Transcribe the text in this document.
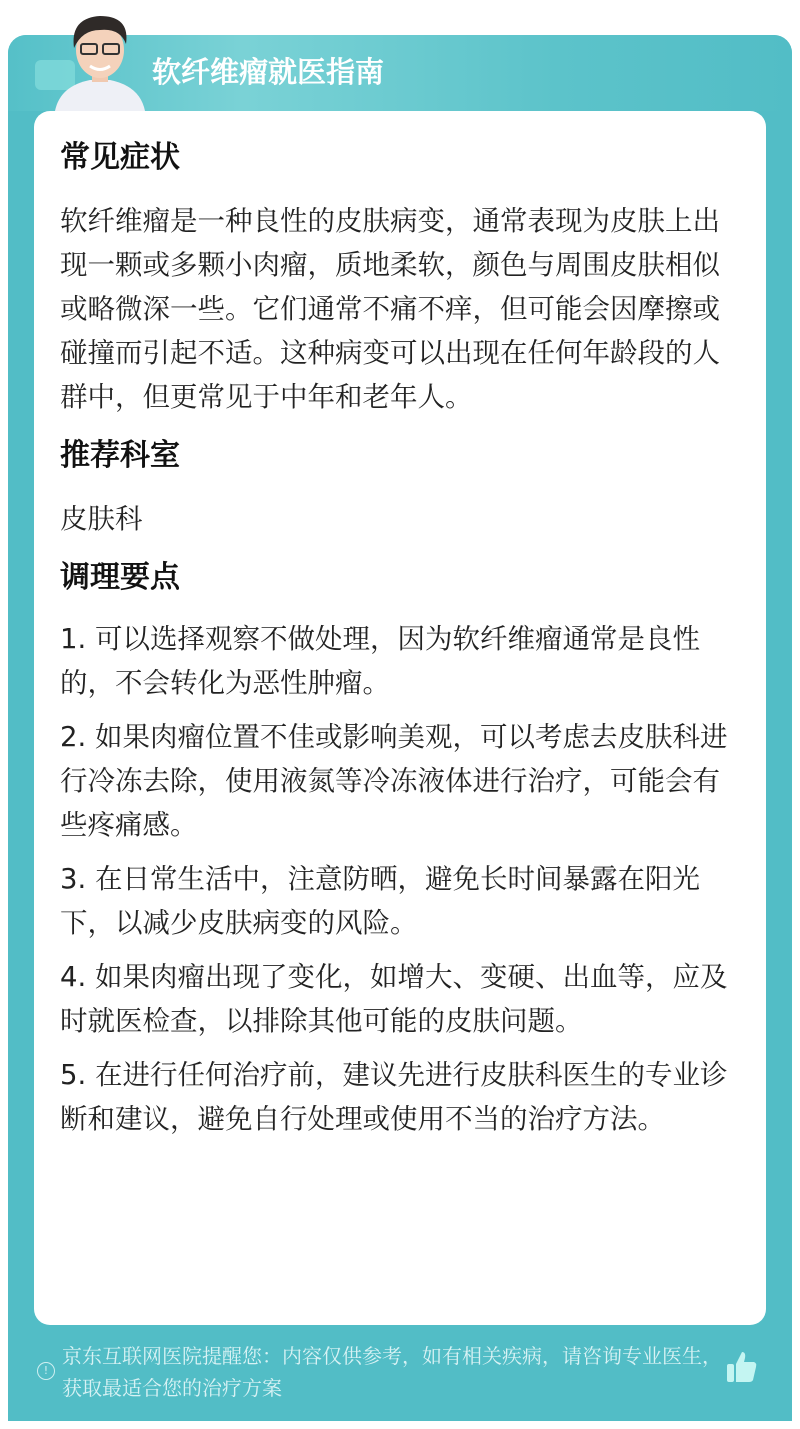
软纤维瘤就医指南
常见症状

软纤维瘤是一种良性的皮肤病变，通常表现为皮肤上出现一颗或多颗小肉瘤，质地柔软，颜色与周围皮肤相似或略微深一些。它们通常不痛不痒，但可能会因摩擦或碰撞而引起不适。这种病变可以出现在任何年龄段的人群中，但更常见于中年和老年人。

推荐科室

皮肤科

调理要点

1. 可以选择观察不做处理，因为软纤维瘤通常是良性的，不会转化为恶性肿瘤。

2. 如果肉瘤位置不佳或影响美观，可以考虑去皮肤科进行冷冻去除，使用液氮等冷冻液体进行治疗，可能会有些疼痛感。

3. 在日常生活中，注意防晒，避免长时间暴露在阳光下，以减少皮肤病变的风险。

4. 如果肉瘤出现了变化，如增大、变硬、出血等，应及时就医检查，以排除其他可能的皮肤问题。

5. 在进行任何治疗前，建议先进行皮肤科医生的专业诊断和建议，避免自行处理或使用不当的治疗方法。

!
京东互联网医院提醒您：内容仅供参考，如有相关疾病，请咨询专业医生，获取最适合您的治疗方案
